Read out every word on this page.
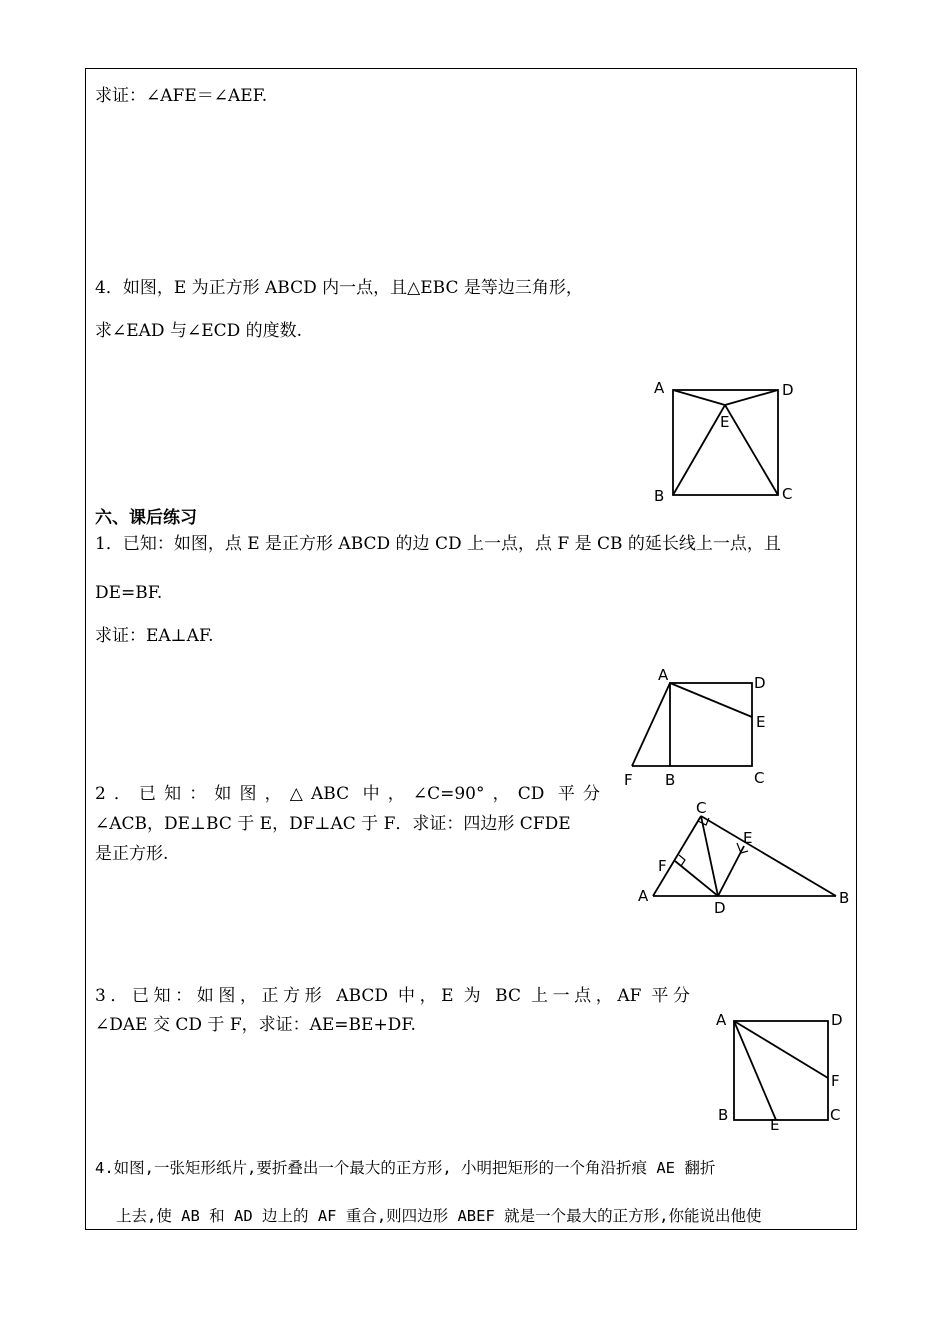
求证：∠AFE＝∠AEF.
4．如图，E 为正方形 ABCD 内一点，且△EBC 是等边三角形，
求∠EAD 与∠ECD 的度数.
A	D
E
B	C
六、课后练习
1．已知：如图，点 E 是正方形 ABCD 的边 CD 上一点，点 F 是 CB 的延长线上一点，且
DE=BF.
求证：EA⊥AF.
A	D
E
F B	C
2．已知：如图，△ABC 中，∠C=90°，CD 平分
∠ACB，DE⊥BC 于 E，DF⊥AC 于 F．求证：四边形 CFDE
是正方形.
C
E
F
A
D
B
3．已知：如图，正方形 ABCD 中，E 为 BC 上一点，AF 平分
∠DAE 交 CD 于 F，求证：AE=BE+DF.	A	D
F
B	C
E
4.如图,一张矩形纸片,要折叠出一个最大的正方形, 小明把矩形的一个角沿折痕 AE 翻折
上去,使 AB 和 AD 边上的 AF 重合,则四边形 ABEF 就是一个最大的正方形,你能说出他使
